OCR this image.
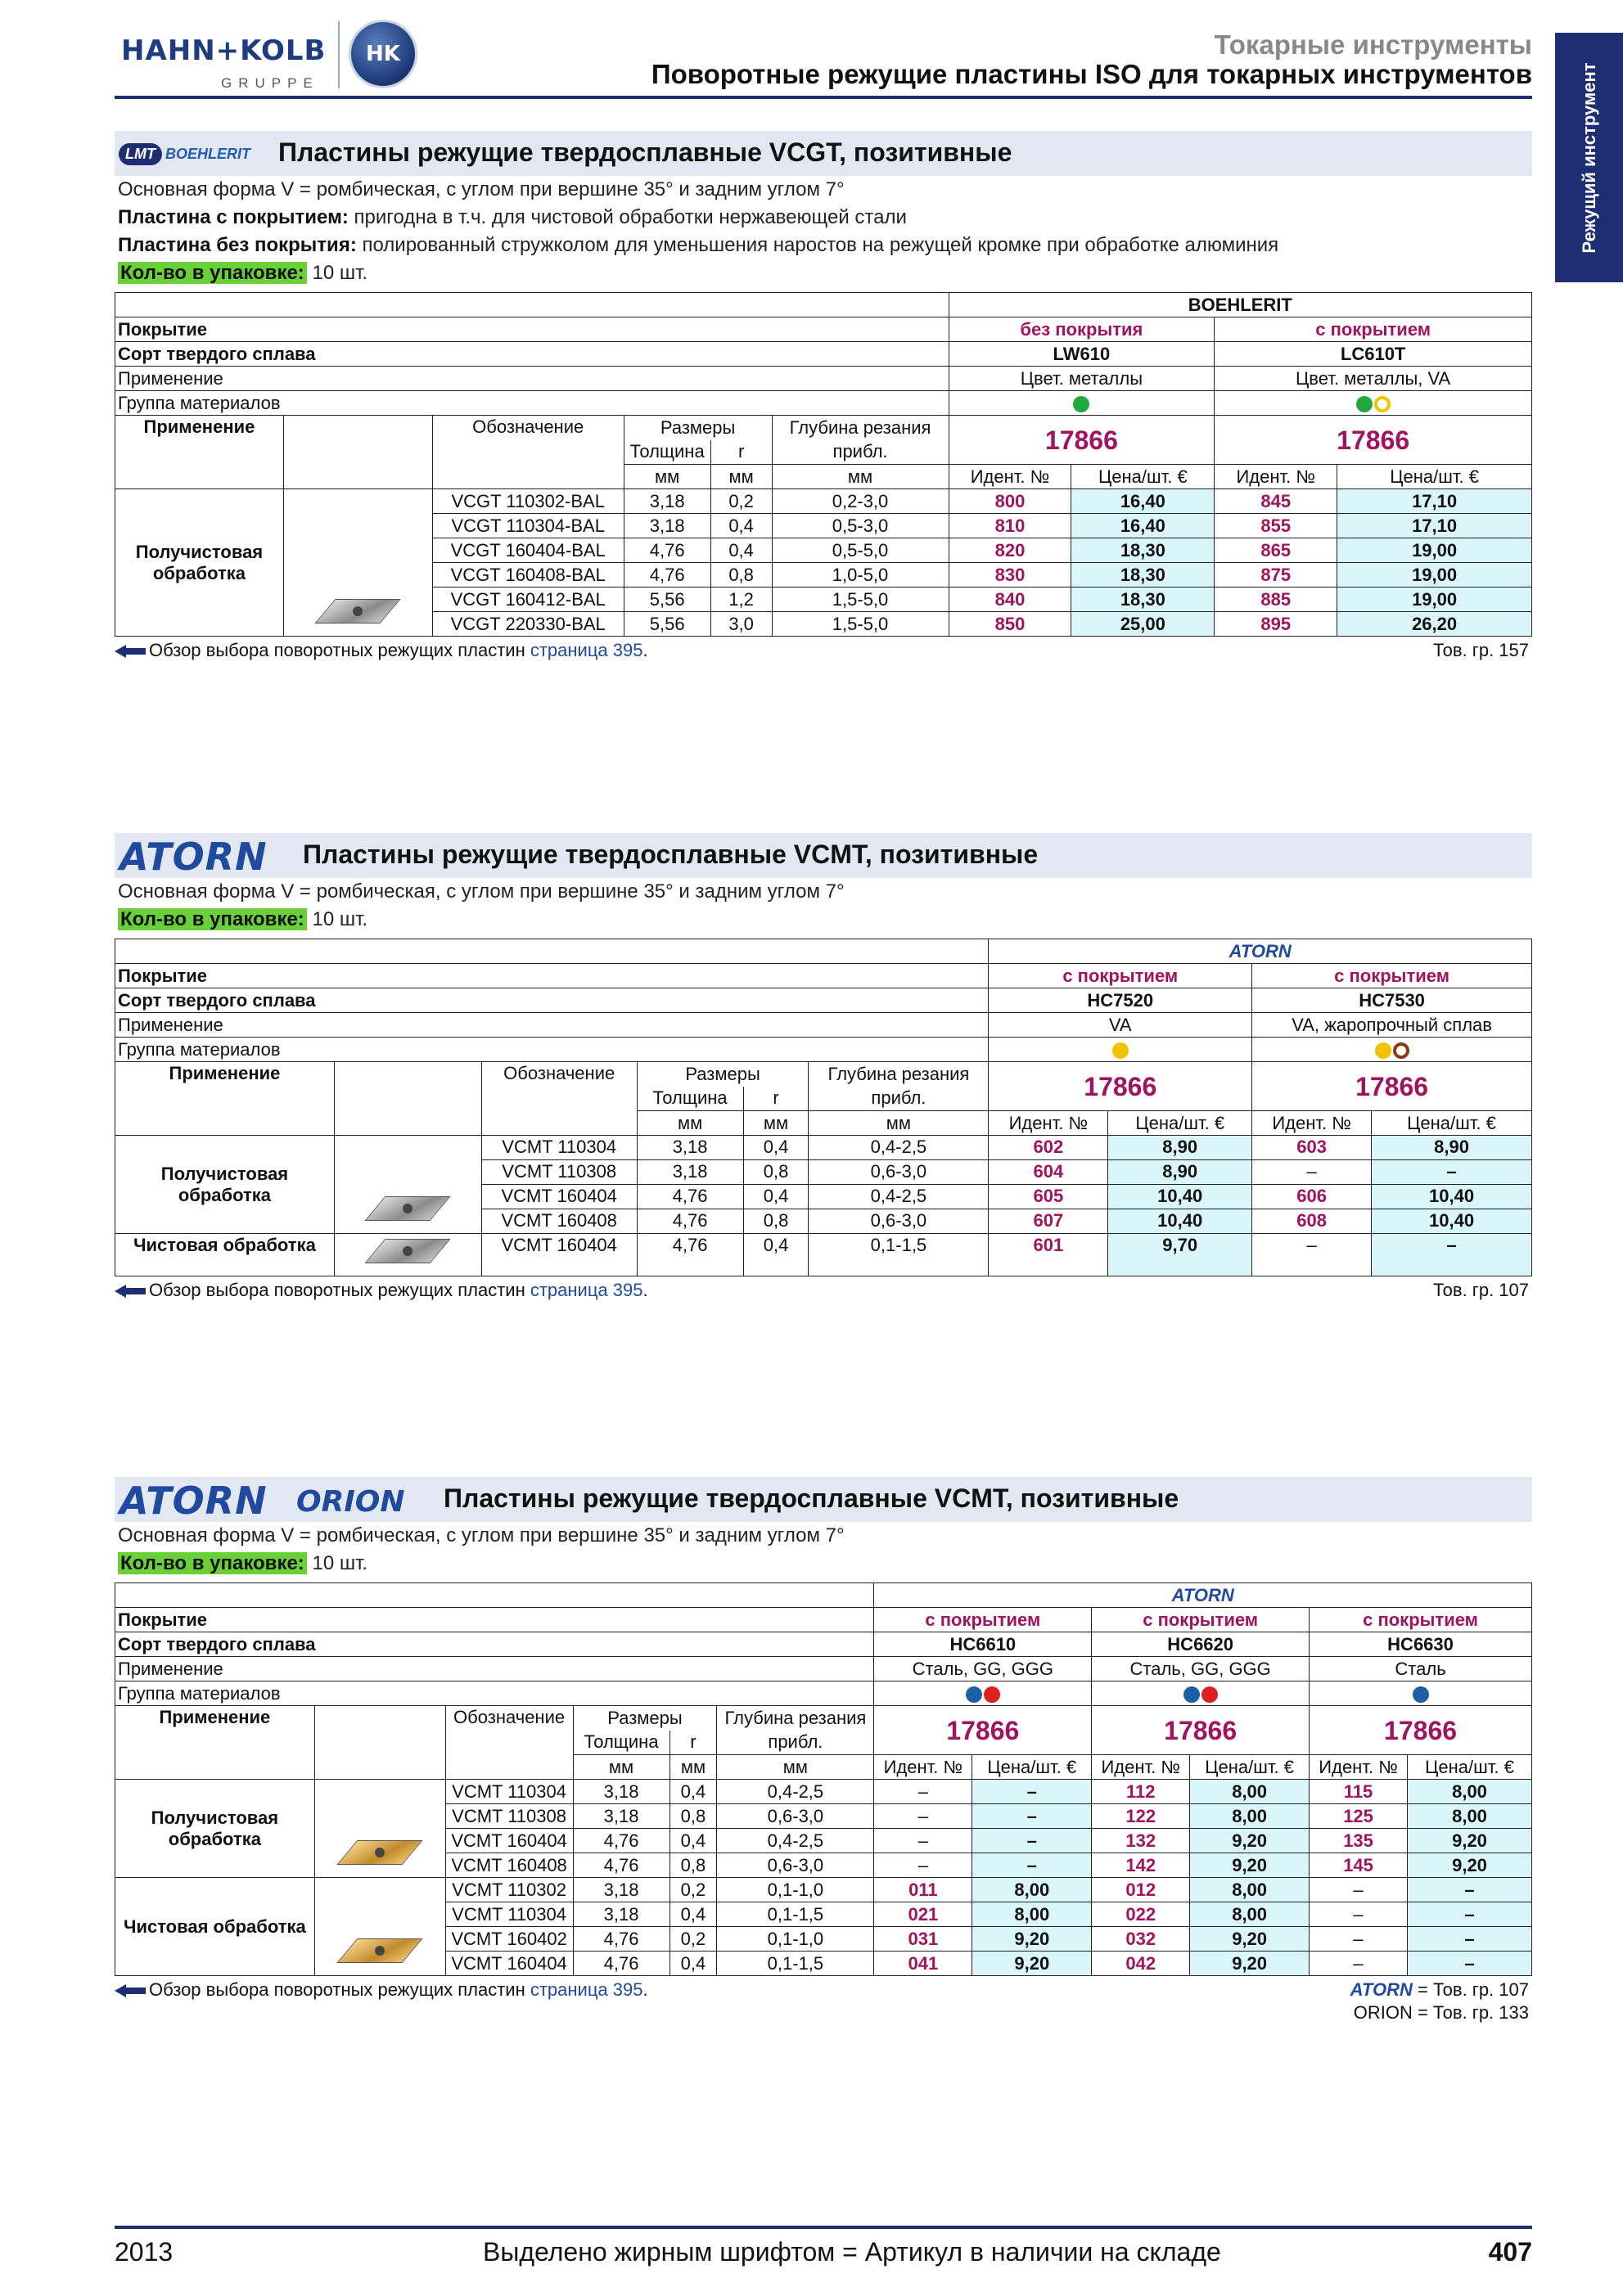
HAHN+KOLB
GRUPPE
HK	Токарные инструменты
Поворотные режущие пластины ISO для токарных инструментов	Режущий инструмент
LMT BOEHLERIT Пластины режущие твердосплавные VCGT, позитивные
Основная форма V = ромбическая, с углом при вершине 35° и задним углом 7°
Пластина с покрытием: пригодна в т.ч. для чистовой обработки нержавеющей стали
Пластина без покрытия: полированный стружколом для уменьшения наростов на режущей кромке при обработке алюминия
Кол-во в упаковке: 10 шт.
						BOEHLERIT			
Покрытие						без покрытия		с покрытием	
Сорт твердого сплава						LW610		LC610T	
Применение						Цвет. металлы		Цвет. металлы, VA	
Группа материалов									
Применение		Обозначение	Размеры		Глубина резания	17866		17866	
			Толщина	r	прибл.				
			мм	мм	мм	Идент. №	Цена/шт. €	Идент. №	Цена/шт. €
Получистовая обработка		VCGT 110302-BAL	3,18	0,2	0,2-3,0	800	16,40	845	17,10
		VCGT 110304-BAL	3,18	0,4	0,5-3,0	810	16,40	855	17,10
		VCGT 160404-BAL	4,76	0,4	0,5-5,0	820	18,30	865	19,00
		VCGT 160408-BAL	4,76	0,8	1,0-5,0	830	18,30	875	19,00
		VCGT 160412-BAL	5,56	1,2	1,5-5,0	840	18,30	885	19,00
		VCGT 220330-BAL	5,56	3,0	1,5-5,0	850	25,00	895	26,20
Обзор выбора поворотных режущих пластин страница 395.	Тов. гр. 157
ATORN Пластины режущие твердосплавные VCMT, позитивные
Основная форма V = ромбическая, с углом при вершине 35° и задним углом 7°
Кол-во в упаковке: 10 шт.
						ATORN			
Покрытие						с покрытием		с покрытием	
Сорт твердого сплава						HC7520		HC7530	
Применение						VA		VA, жаропрочный сплав	
Группа материалов									
Применение		Обозначение	Размеры		Глубина резания	17866		17866	
			Толщина	r	прибл.				
			мм	мм	мм	Идент. №	Цена/шт. €	Идент. №	Цена/шт. €
Получистовая обработка		VCMT 110304	3,18	0,4	0,4-2,5	602	8,90	603	8,90
		VCMT 110308	3,18	0,8	0,6-3,0	604	8,90	–	–
		VCMT 160404	4,76	0,4	0,4-2,5	605	10,40	606	10,40
		VCMT 160408	4,76	0,8	0,6-3,0	607	10,40	608	10,40
Чистовая обработка		VCMT 160404	4,76	0,4	0,1-1,5	601	9,70	–	–
Обзор выбора поворотных режущих пластин страница 395.	Тов. гр. 107
ATORN ORION Пластины режущие твердосплавные VCMT, позитивные
Основная форма V = ромбическая, с углом при вершине 35° и задним углом 7°
Кол-во в упаковке: 10 шт.
						ATORN					
Покрытие						с покрытием		с покрытием		с покрытием	
Сорт твердого сплава						HC6610		HC6620		HC6630	
Применение						Сталь, GG, GGG		Сталь, GG, GGG		Сталь	
Группа материалов											
Применение		Обозначение	Размеры		Глубина резания	17866		17866		17866	
			Толщина	r	прибл.						
			мм	мм	мм	Идент. №	Цена/шт. €	Идент. №	Цена/шт. €	Идент. №	Цена/шт. €
Получистовая обработка		VCMT 110304	3,18	0,4	0,4-2,5	–	–	112	8,00	115	8,00
		VCMT 110308	3,18	0,8	0,6-3,0	–	–	122	8,00	125	8,00
		VCMT 160404	4,76	0,4	0,4-2,5	–	–	132	9,20	135	9,20
		VCMT 160408	4,76	0,8	0,6-3,0	–	–	142	9,20	145	9,20
Чистовая обработка		VCMT 110302	3,18	0,2	0,1-1,0	011	8,00	012	8,00	–	–
		VCMT 110304	3,18	0,4	0,1-1,5	021	8,00	022	8,00	–	–
		VCMT 160402	4,76	0,2	0,1-1,0	031	9,20	032	9,20	–	–
		VCMT 160404	4,76	0,4	0,1-1,5	041	9,20	042	9,20	–	–
Обзор выбора поворотных режущих пластин страница 395.	ATORN = Тов. гр. 107
ORION = Тов. гр. 133
2013	Выделено жирным шрифтом = Артикул в наличии на складе	407
